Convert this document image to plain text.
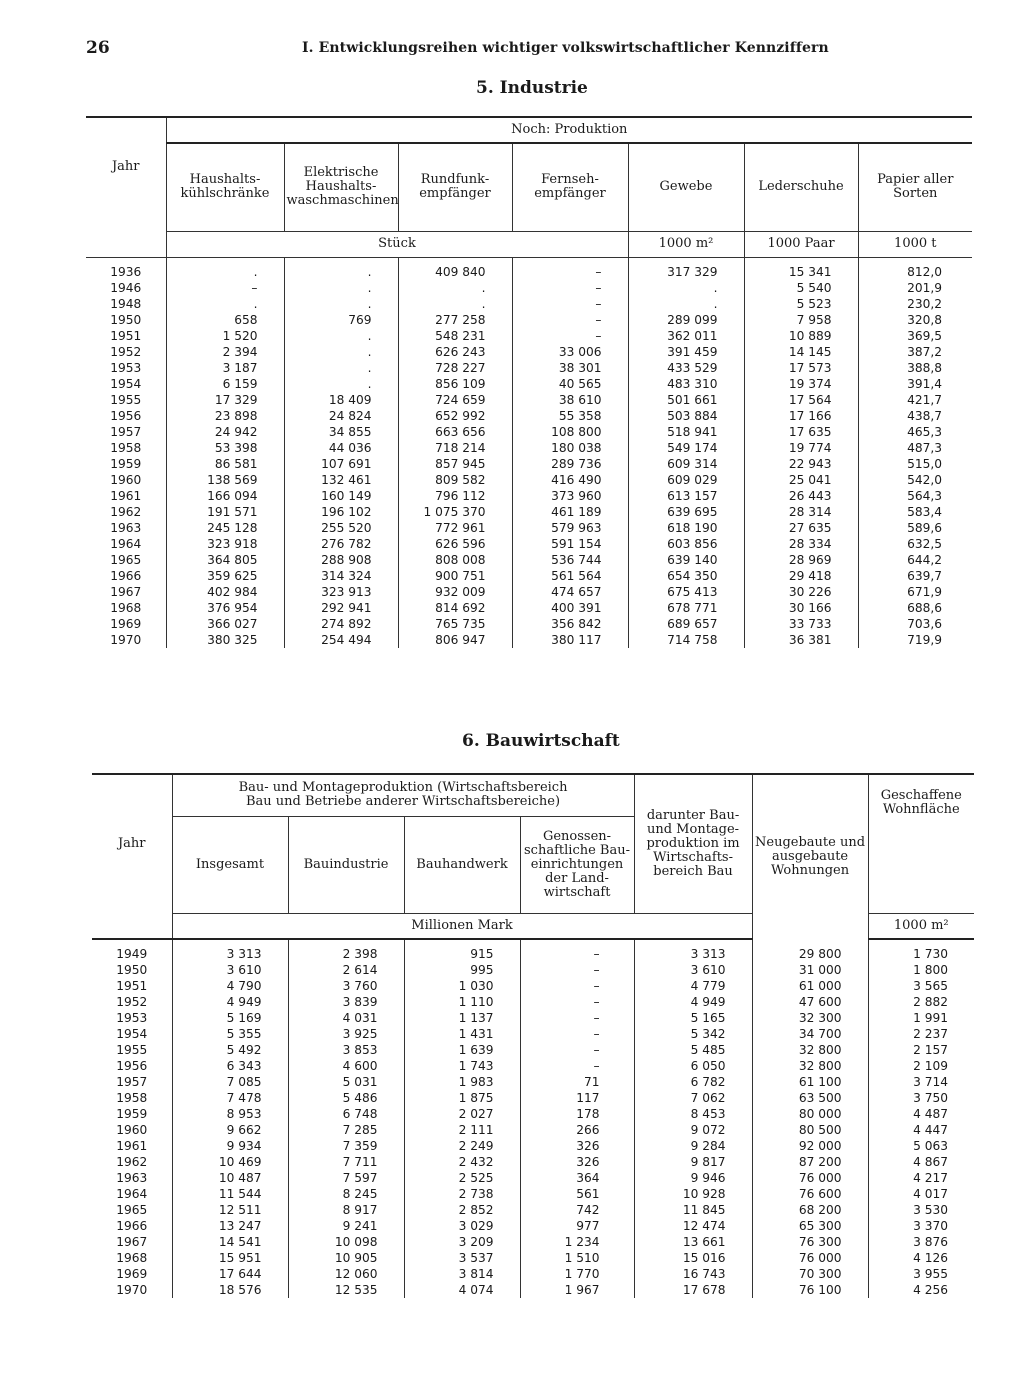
26	I. Entwicklungsreihen wichtiger volkswirtschaftlicher Kennziffern
5. Industrie
Jahr	Noch: Produktion						
	Haushalts-kühlschränke	Elektrische Haushalts-waschmaschinen	Rundfunk-empfänger	Fernseh-empfänger	Gewebe	Lederschuhe	Papier aller Sorten
	Stück				1000 m²	1000 Paar	1000 t

1936	.	.	409 840	–	317 329	15 341	812,0
1946	–	.	.	–	.	5 540	201,9
1948	.	.	.	–	.	5 523	230,2
1950	658	769	277 258	–	289 099	7 958	320,8
1951	1 520	.	548 231	–	362 011	10 889	369,5
1952	2 394	.	626 243	33 006	391 459	14 145	387,2
1953	3 187	.	728 227	38 301	433 529	17 573	388,8
1954	6 159	.	856 109	40 565	483 310	19 374	391,4
1955	17 329	18 409	724 659	38 610	501 661	17 564	421,7
1956	23 898	24 824	652 992	55 358	503 884	17 166	438,7
1957	24 942	34 855	663 656	108 800	518 941	17 635	465,3
1958	53 398	44 036	718 214	180 038	549 174	19 774	487,3
1959	86 581	107 691	857 945	289 736	609 314	22 943	515,0
1960	138 569	132 461	809 582	416 490	609 029	25 041	542,0
1961	166 094	160 149	796 112	373 960	613 157	26 443	564,3
1962	191 571	196 102	1 075 370	461 189	639 695	28 314	583,4
1963	245 128	255 520	772 961	579 963	618 190	27 635	589,6
1964	323 918	276 782	626 596	591 154	603 856	28 334	632,5
1965	364 805	288 908	808 008	536 744	639 140	28 969	644,2
1966	359 625	314 324	900 751	561 564	654 350	29 418	639,7
1967	402 984	323 913	932 009	474 657	675 413	30 226	671,9
1968	376 954	292 941	814 692	400 391	678 771	30 166	688,6
1969	366 027	274 892	765 735	356 842	689 657	33 733	703,6
1970	380 325	254 494	806 947	380 117	714 758	36 381	719,9
6. Bauwirtschaft
Jahr	Bau- und Montageproduktion (Wirtschaftsbereich Bau und Betriebe anderer Wirtschaftsbereiche)				darunter Bau- und Montage-produktion im Wirtschafts-bereich Bau	Neugebaute und ausgebaute Wohnungen	Geschaffene Wohnfläche
	Insgesamt	Bauindustrie	Bauhandwerk	Genossen-schaftliche Bau-einrichtungen der Land-wirtschaft			
	Millionen Mark						1000 m²

1949	3 313	2 398	915	–	3 313	29 800	1 730
1950	3 610	2 614	995	–	3 610	31 000	1 800
1951	4 790	3 760	1 030	–	4 779	61 000	3 565
1952	4 949	3 839	1 110	–	4 949	47 600	2 882
1953	5 169	4 031	1 137	–	5 165	32 300	1 991
1954	5 355	3 925	1 431	–	5 342	34 700	2 237
1955	5 492	3 853	1 639	–	5 485	32 800	2 157
1956	6 343	4 600	1 743	–	6 050	32 800	2 109
1957	7 085	5 031	1 983	71	6 782	61 100	3 714
1958	7 478	5 486	1 875	117	7 062	63 500	3 750
1959	8 953	6 748	2 027	178	8 453	80 000	4 487
1960	9 662	7 285	2 111	266	9 072	80 500	4 447
1961	9 934	7 359	2 249	326	9 284	92 000	5 063
1962	10 469	7 711	2 432	326	9 817	87 200	4 867
1963	10 487	7 597	2 525	364	9 946	76 000	4 217
1964	11 544	8 245	2 738	561	10 928	76 600	4 017
1965	12 511	8 917	2 852	742	11 845	68 200	3 530
1966	13 247	9 241	3 029	977	12 474	65 300	3 370
1967	14 541	10 098	3 209	1 234	13 661	76 300	3 876
1968	15 951	10 905	3 537	1 510	15 016	76 000	4 126
1969	17 644	12 060	3 814	1 770	16 743	70 300	3 955
1970	18 576	12 535	4 074	1 967	17 678	76 100	4 256
